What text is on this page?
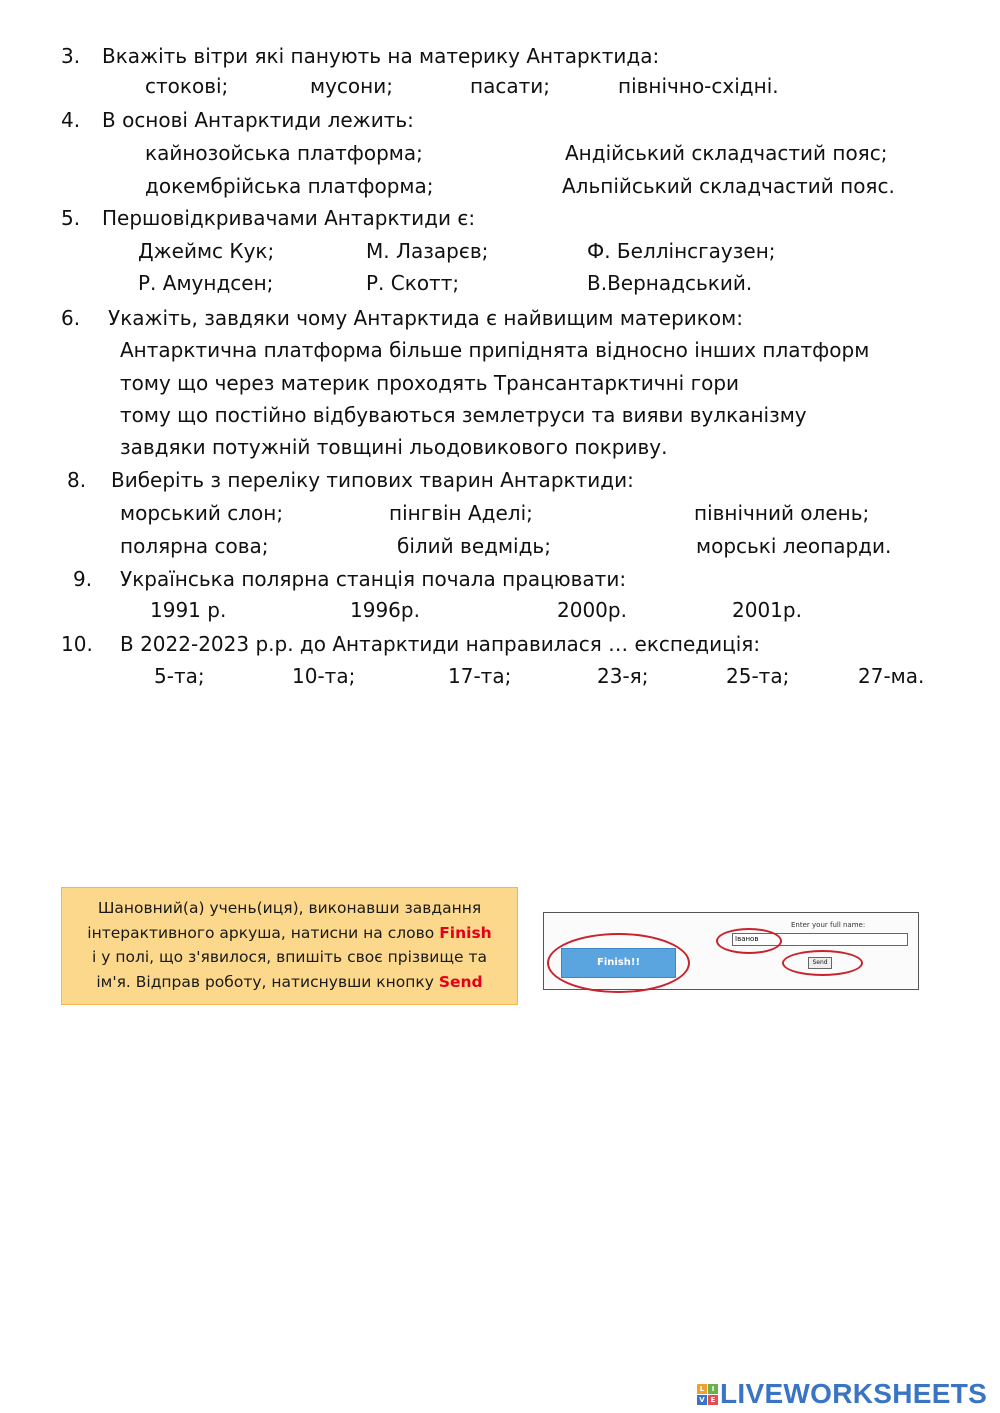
3. Вкажіть вітри які панують на материку Антарктида:
стокові;	мусони;	пасати;	північно-східні.
4. В основі Антарктиди лежить:
кайнозойська платформа;	Андійський складчастий пояс;
докембрійська платформа;	Альпійський складчастий пояс.
5. Першовідкривачами Антарктиди є:
Джеймс Кук;	М. Лазарєв;	Ф. Беллінсгаузен;
Р. Амундсен;	Р. Скотт;	В.Вернадський.
6. Укажіть, завдяки чому Антарктида є найвищим материком:
Антарктична платформа більше припіднята відносно інших платформ
тому що через материк проходять Трансантарктичні гори
тому що постійно відбуваються землетруси та вияви вулканізму
завдяки потужній товщині льодовикового покриву.
8. Виберіть з переліку типових тварин Антарктиди:
морський слон;	пінгвін Аделі;	північний олень;
полярна сова;	білий ведмідь;	морські леопарди.
9. Українська полярна станція почала працювати:
1991 р.	1996р.	2000р.	2001р.
10. В 2022-2023 р.р. до Антарктиди направилася … експедиція:
5-та;	10-та;	17-та;	23-я;	25-та;	27-ма.
Шановний(а) учень(иця), виконавши завдання
інтерактивного аркуша, натисни на слово Finish
і у полі, що з'явилося, впишіть своє прізвище та
ім'я. Відправ роботу, натиснувши кнопку Send
Finish!!
Enter your full name:
Іванов
Send
L	I
V E LIVEWORKSHEETS
